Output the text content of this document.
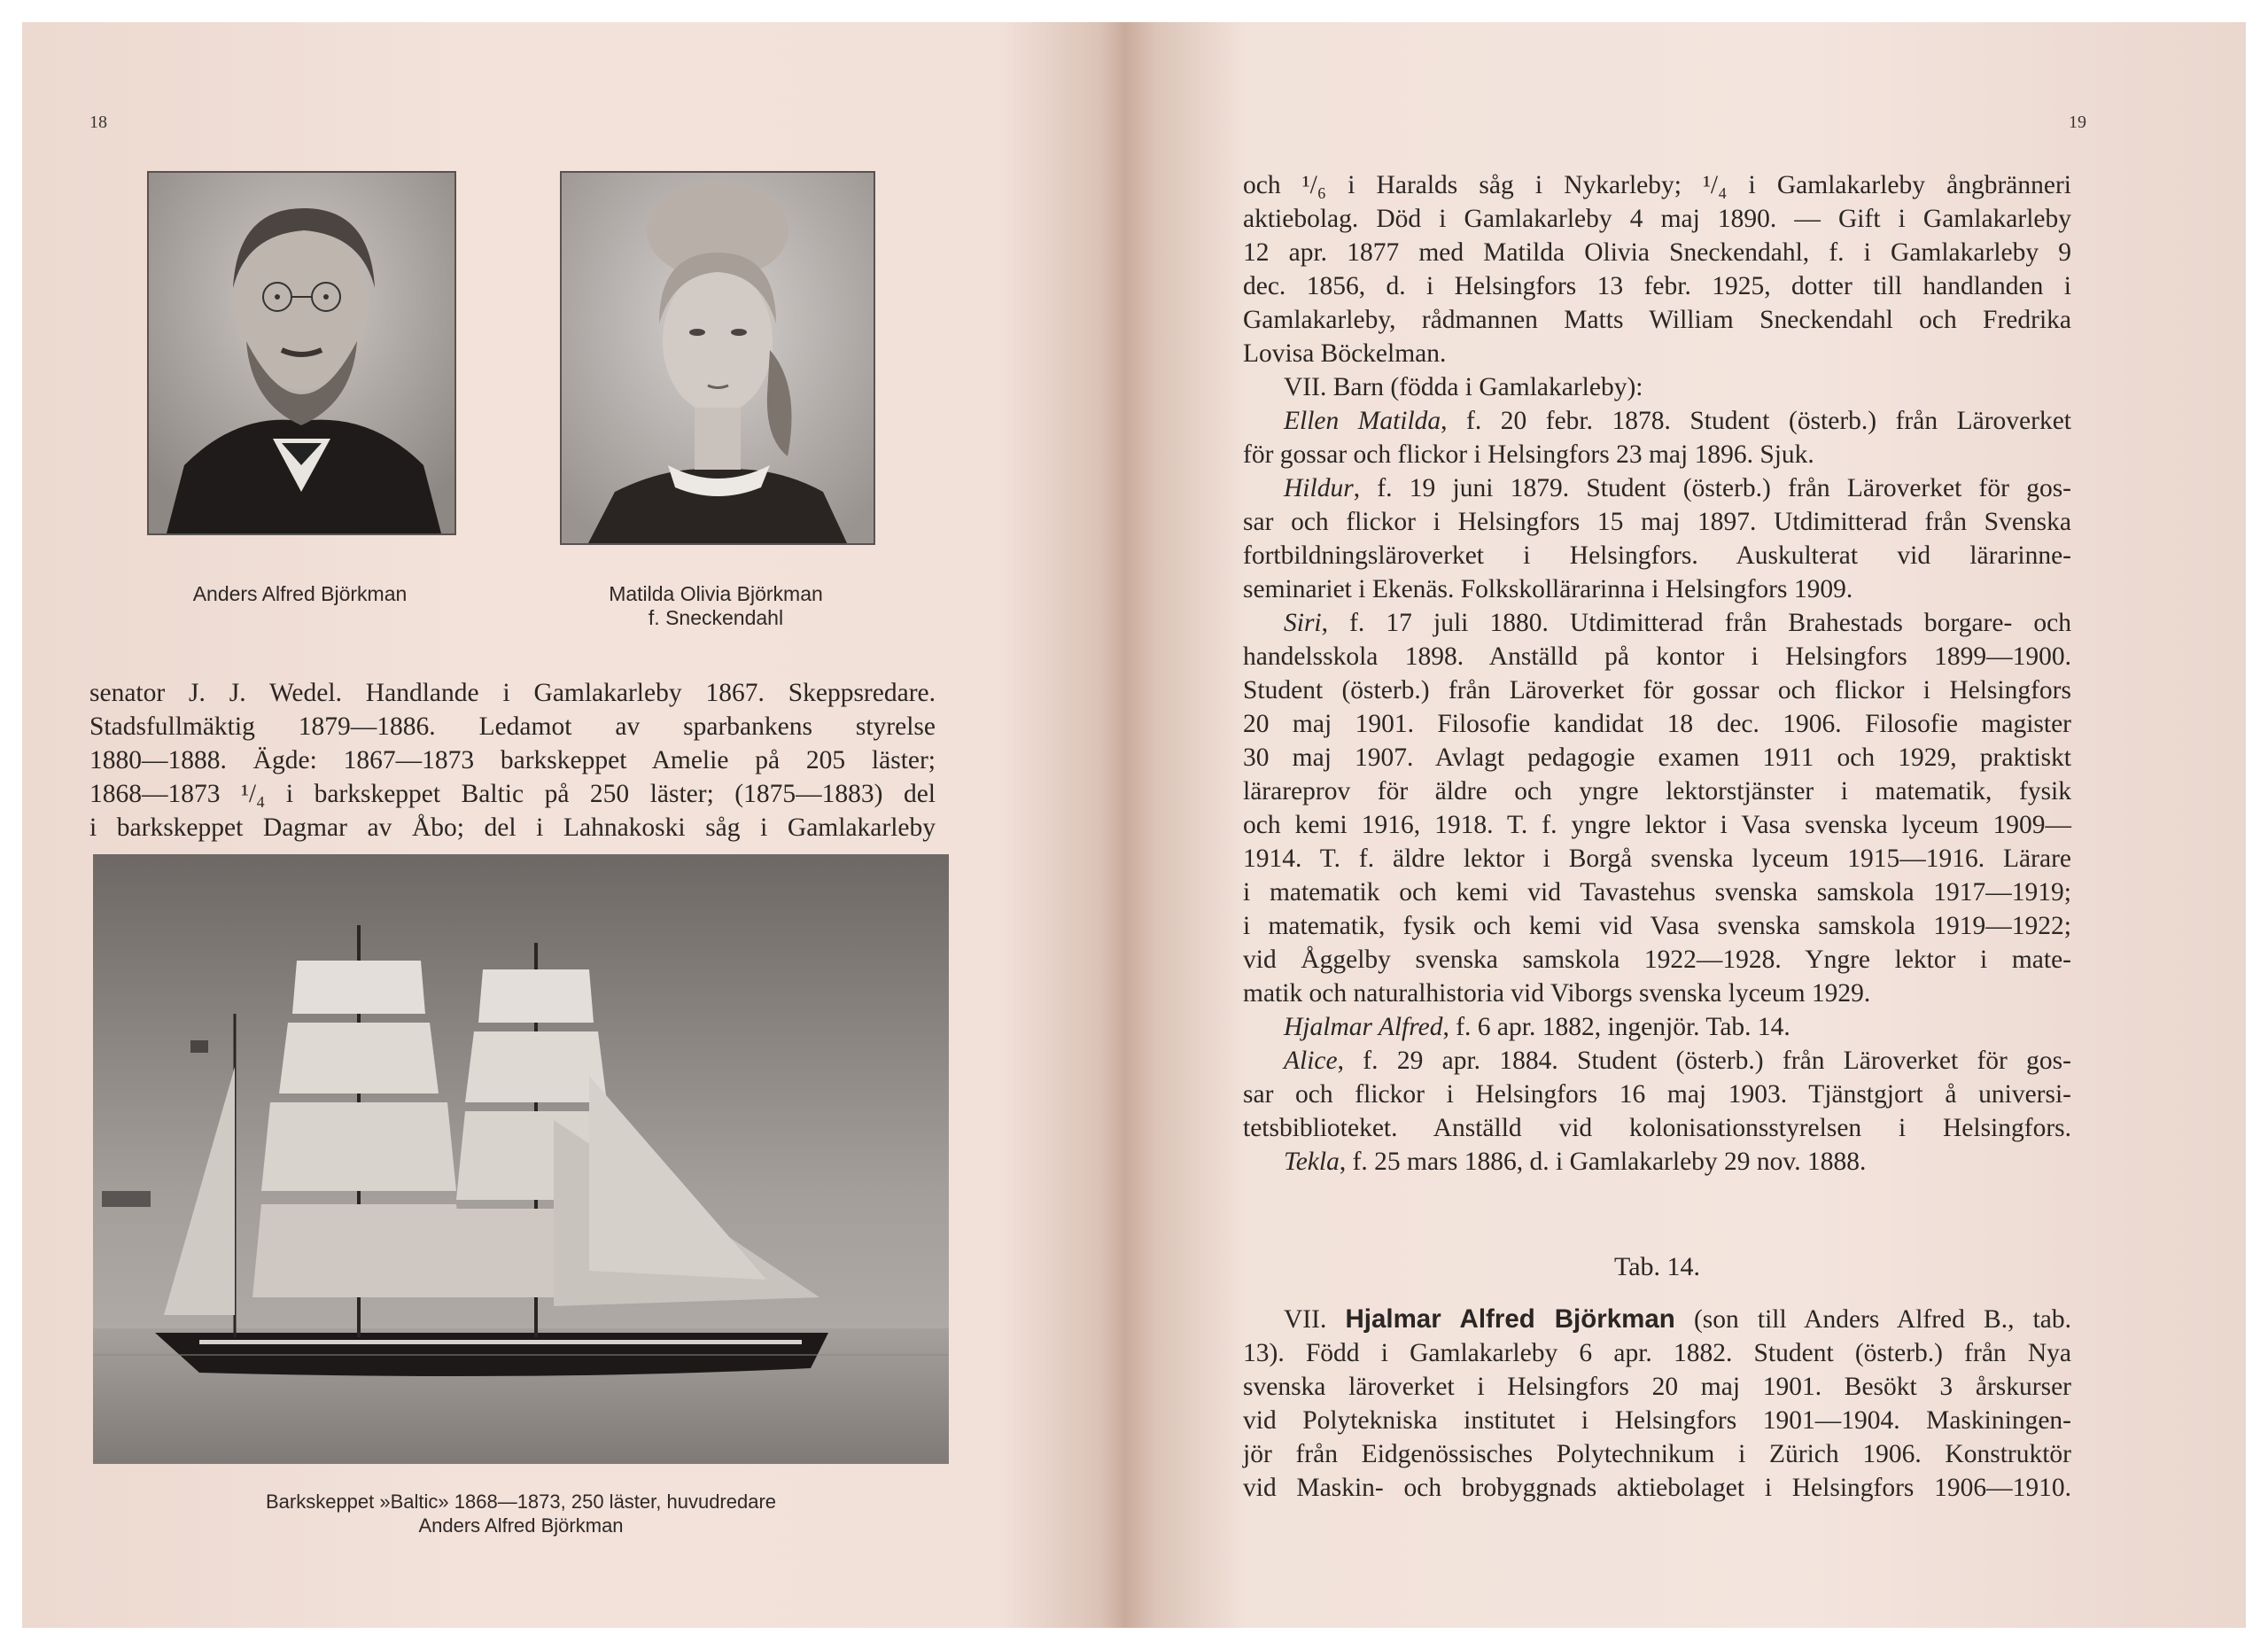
18
Anders Alfred Björkman	Matilda Olivia Björkman
f. Sneckendahl
senator J. J. Wedel. Handlande i Gamlakarleby 1867. Skeppsredare.
Stadsfullmäktig 1879—1886. Ledamot av sparbankens styrelse
1880—1888. Ägde: 1867—1873 barkskeppet Amelie på 205 läster;
1868—1873 ¹/₄ i barkskeppet Baltic på 250 läster; (1875—1883) del
i barkskeppet Dagmar av Åbo; del i Lahnakoski såg i Gamlakarleby
Barkskeppet »Baltic» 1868—1873, 250 läster, huvudredare
Anders Alfred Björkman
19
och ¹/₆ i Haralds såg i Nykarleby; ¹/₄ i Gamlakarleby ångbränneri
aktiebolag. Död i Gamlakarleby 4 maj 1890. — Gift i Gamlakarleby
12 apr. 1877 med Matilda Olivia Sneckendahl, f. i Gamlakarleby 9
dec. 1856, d. i Helsingfors 13 febr. 1925, dotter till handlanden i
Gamlakarleby, rådmannen Matts William Sneckendahl och Fredrika
Lovisa Böckelman.
VII. Barn (födda i Gamlakarleby):
Ellen Matilda, f. 20 febr. 1878. Student (österb.) från Läroverket
för gossar och flickor i Helsingfors 23 maj 1896. Sjuk.
Hildur, f. 19 juni 1879. Student (österb.) från Läroverket för gos-
sar och flickor i Helsingfors 15 maj 1897. Utdimitterad från Svenska
fortbildningsläroverket i Helsingfors. Auskulterat vid lärarinne-
seminariet i Ekenäs. Folkskollärarinna i Helsingfors 1909.
Siri, f. 17 juli 1880. Utdimitterad från Brahestads borgare- och
handelsskola 1898. Anställd på kontor i Helsingfors 1899—1900.
Student (österb.) från Läroverket för gossar och flickor i Helsingfors
20 maj 1901. Filosofie kandidat 18 dec. 1906. Filosofie magister
30 maj 1907. Avlagt pedagogie examen 1911 och 1929, praktiskt
lärareprov för äldre och yngre lektorstjänster i matematik, fysik
och kemi 1916, 1918. T. f. yngre lektor i Vasa svenska lyceum 1909—
1914. T. f. äldre lektor i Borgå svenska lyceum 1915—1916. Lärare
i matematik och kemi vid Tavastehus svenska samskola 1917—1919;
i matematik, fysik och kemi vid Vasa svenska samskola 1919—1922;
vid Åggelby svenska samskola 1922—1928. Yngre lektor i mate-
matik och naturalhistoria vid Viborgs svenska lyceum 1929.
Hjalmar Alfred, f. 6 apr. 1882, ingenjör. Tab. 14.
Alice, f. 29 apr. 1884. Student (österb.) från Läroverket för gos-
sar och flickor i Helsingfors 16 maj 1903. Tjänstgjort å universi-
tetsbiblioteket. Anställd vid kolonisationsstyrelsen i Helsingfors.
Tekla, f. 25 mars 1886, d. i Gamlakarleby 29 nov. 1888.
Tab. 14.
VII. Hjalmar Alfred Björkman (son till Anders Alfred B., tab.
13). Född i Gamlakarleby 6 apr. 1882. Student (österb.) från Nya
svenska läroverket i Helsingfors 20 maj 1901. Besökt 3 årskurser
vid Polytekniska institutet i Helsingfors 1901—1904. Maskiningen-
jör från Eidgenössisches Polytechnikum i Zürich 1906. Konstruktör
vid Maskin- och brobyggnads aktiebolaget i Helsingfors 1906—1910.
